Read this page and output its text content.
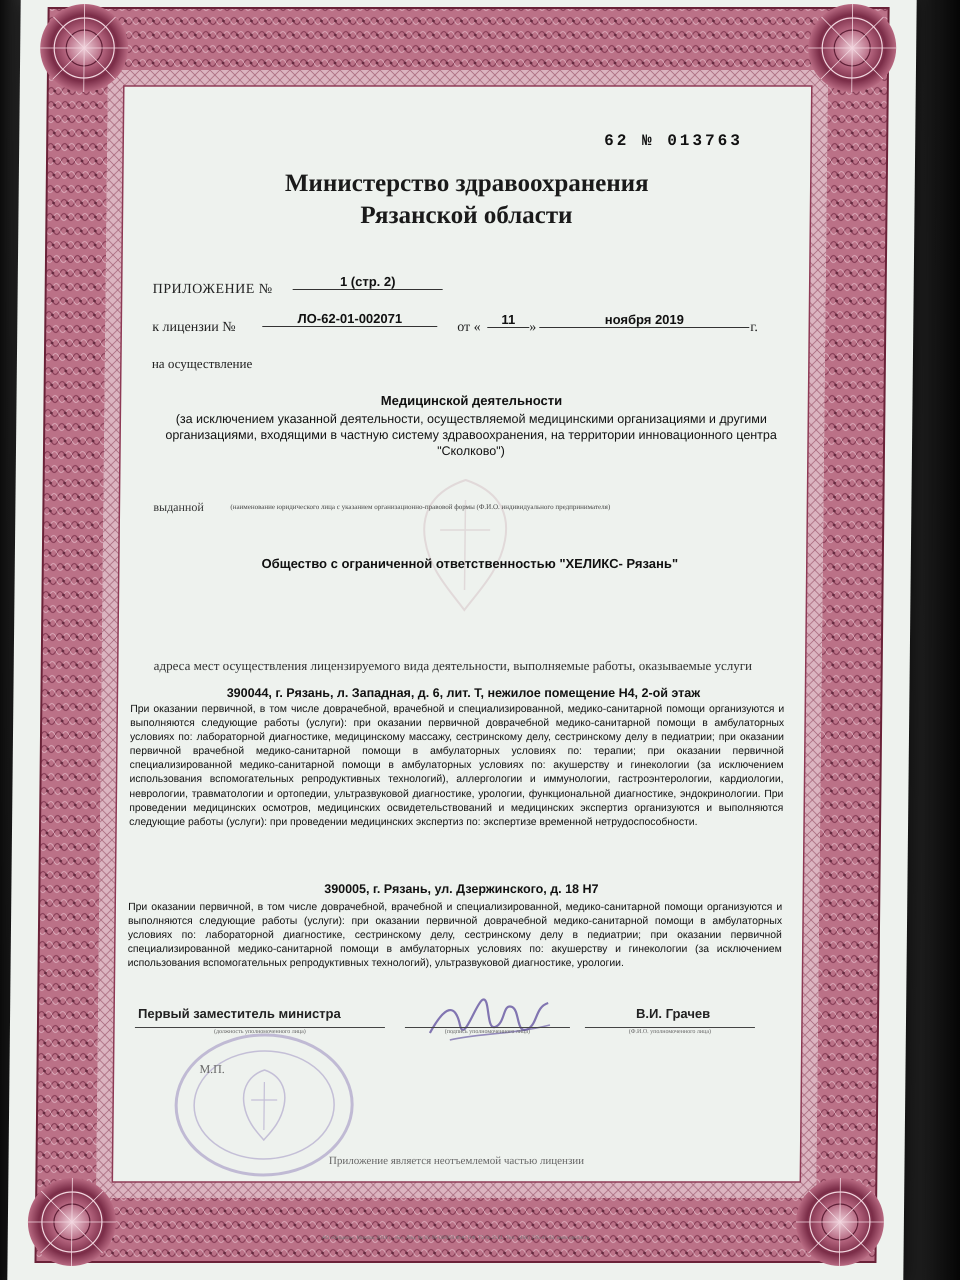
62 № 013763
Министерство здравоохранения
Рязанской области
ПРИЛОЖЕНИЕ №
1 (стр. 2)
к лицензии №
ЛО-62-01-002071
от «
11
»
ноября 2019
г.
на осуществление
Медицинской деятельности
(за исключением указанной деятельности, осуществляемой медицинскими организациями и другими организациями, входящими в частную систему здравоохранения, на территории инновационного центра "Сколково")
выданной	(наименование юридического лица с указанием организационно-правовой формы (Ф.И.О. индивидуального предпринимателя)
Общество с ограниченной ответственностью "ХЕЛИКС- Рязань"
адреса мест осуществления лицензируемого вида деятельности, выполняемые работы, оказываемые услуги
390044, г. Рязань, л. Западная, д. 6, лит. Т, нежилое помещение Н4, 2-ой этаж
При оказании первичной, в том числе доврачебной, врачебной и специализированной, медико-санитарной помощи организуются и выполняются следующие работы (услуги): при оказании первичной доврачебной медико-санитарной помощи в амбулаторных условиях по: лабораторной диагностике, медицинскому массажу, сестринскому делу, сестринскому делу в педиатрии; при оказании первичной врачебной медико-санитарной помощи в амбулаторных условиях по: терапии; при оказании первичной специализированной медико-санитарной помощи в амбулаторных условиях по: акушерству и гинекологии (за исключением использования вспомогательных репродуктивных технологий), аллергологии и иммунологии, гастроэнтерологии, кардиологии, неврологии, травматологии и ортопедии, ультразвуковой диагностике, урологии, функциональной диагностике, эндокринологии. При проведении медицинских осмотров, медицинских освидетельствований и медицинских экспертиз организуются и выполняются следующие работы (услуги): при проведении медицинских экспертиз по: экспертизе временной нетрудоспособности.
390005, г. Рязань, ул. Дзержинского, д. 18 Н7
При оказании первичной, в том числе доврачебной, врачебной и специализированной, медико-санитарной помощи организуются и выполняются следующие работы (услуги): при оказании первичной доврачебной медико-санитарной помощи в амбулаторных условиях по: лабораторной диагностике, сестринскому делу, сестринскому делу в педиатрии; при оказании первичной специализированной медико-санитарной помощи в амбулаторных условиях по: акушерству и гинекологии (за исключением использования вспомогательных репродуктивных технологий), ультразвуковой диагностике, урологии.
Первый заместитель министра	В.И. Грачев
(должность уполномоченного лица)	(подпись уполномоченного лица)	(Ф.И.О. уполномоченного лица)
М.П.
Приложение является неотъемлемой частью лицензии
АО «Опцион», Москва, 2019 г., «Б», Лиц. № 05-05-09/003 ФНС РФ. Т3 № 2131. Тел.: (495) 726-47-42, www.opcion.ru
